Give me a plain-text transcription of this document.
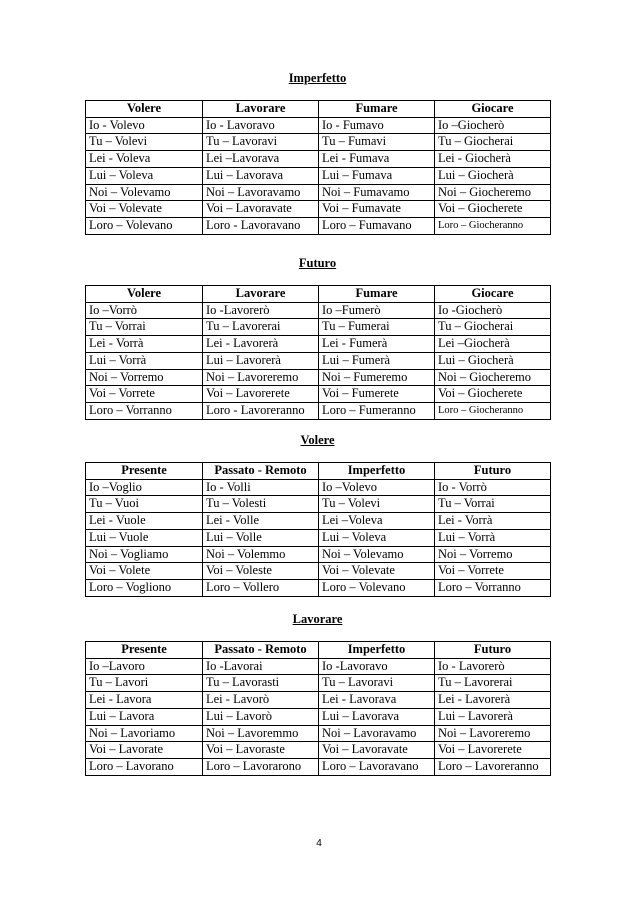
Imperfetto
Volere	Lavorare	Fumare	Giocare
Io - Volevo	Io - Lavoravo	Io - Fumavo	Io –Giocherò
Tu – Volevi	Tu – Lavoravi	Tu – Fumavi	Tu – Giocherai
Lei - Voleva	Lei –Lavorava	Lei - Fumava	Lei - Giocherà
Lui – Voleva	Lui – Lavorava	Lui – Fumava	Lui – Giocherà
Noi – Volevamo	Noi – Lavoravamo	Noi – Fumavamo	Noi – Giocheremo
Voi – Volevate	Voi – Lavoravate	Voi – Fumavate	Voi – Giocherete
Loro – Volevano	Loro - Lavoravano	Loro – Fumavano	Loro – Giocheranno
Futuro
Volere	Lavorare	Fumare	Giocare
Io –Vorrò	Io -Lavorerò	Io –Fumerò	Io -Giocherò
Tu – Vorrai	Tu – Lavorerai	Tu – Fumerai	Tu – Giocherai
Lei - Vorrà	Lei - Lavorerà	Lei - Fumerà	Lei –Giocherà
Lui – Vorrà	Lui – Lavorerà	Lui – Fumerà	Lui – Giocherà
Noi – Vorremo	Noi – Lavoreremo	Noi – Fumeremo	Noi – Giocheremo
Voi – Vorrete	Voi – Lavorerete	Voi – Fumerete	Voi – Giocherete
Loro – Vorranno	Loro - Lavoreranno	Loro – Fumeranno	Loro – Giocheranno
Volere
Presente	Passato - Remoto	Imperfetto	Futuro
Io –Voglio	Io - Volli	Io –Volevo	Io - Vorrò
Tu – Vuoi	Tu – Volesti	Tu – Volevi	Tu – Vorrai
Lei - Vuole	Lei - Volle	Lei –Voleva	Lei - Vorrà
Lui – Vuole	Lui – Volle	Lui – Voleva	Lui – Vorrà
Noi – Vogliamo	Noi – Volemmo	Noi – Volevamo	Noi – Vorremo
Voi – Volete	Voi – Voleste	Voi – Volevate	Voi – Vorrete
Loro – Vogliono	Loro – Vollero	Loro – Volevano	Loro – Vorranno
Lavorare
Presente	Passato - Remoto	Imperfetto	Futuro
Io –Lavoro	Io -Lavorai	Io -Lavoravo	Io - Lavorerò
Tu – Lavori	Tu – Lavorasti	Tu – Lavoravi	Tu – Lavorerai
Lei - Lavora	Lei - Lavorò	Lei - Lavorava	Lei - Lavorerà
Lui – Lavora	Lui – Lavorò	Lui – Lavorava	Lui – Lavorerà
Noi – Lavoriamo	Noi – Lavoremmo	Noi – Lavoravamo	Noi – Lavoreremo
Voi – Lavorate	Voi – Lavoraste	Voi – Lavoravate	Voi – Lavorerete
Loro – Lavorano	Loro – Lavorarono	Loro – Lavoravano	Loro – Lavoreranno
4
